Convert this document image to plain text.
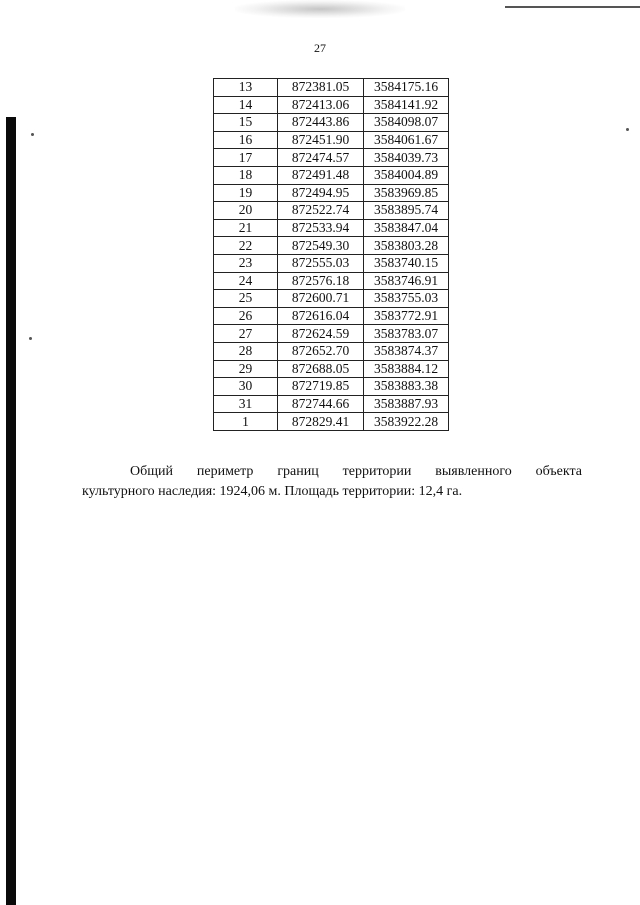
27
13	872381.05	3584175.16
14	872413.06	3584141.92
15	872443.86	3584098.07
16	872451.90	3584061.67
17	872474.57	3584039.73
18	872491.48	3584004.89
19	872494.95	3583969.85
20	872522.74	3583895.74
21	872533.94	3583847.04
22	872549.30	3583803.28
23	872555.03	3583740.15
24	872576.18	3583746.91
25	872600.71	3583755.03
26	872616.04	3583772.91
27	872624.59	3583783.07
28	872652.70	3583874.37
29	872688.05	3583884.12
30	872719.85	3583883.38
31	872744.66	3583887.93
1	872829.41	3583922.28
Общий периметр границ территории выявленного объекта
культурного наследия: 1924,06 м. Площадь территории: 12,4 га.
